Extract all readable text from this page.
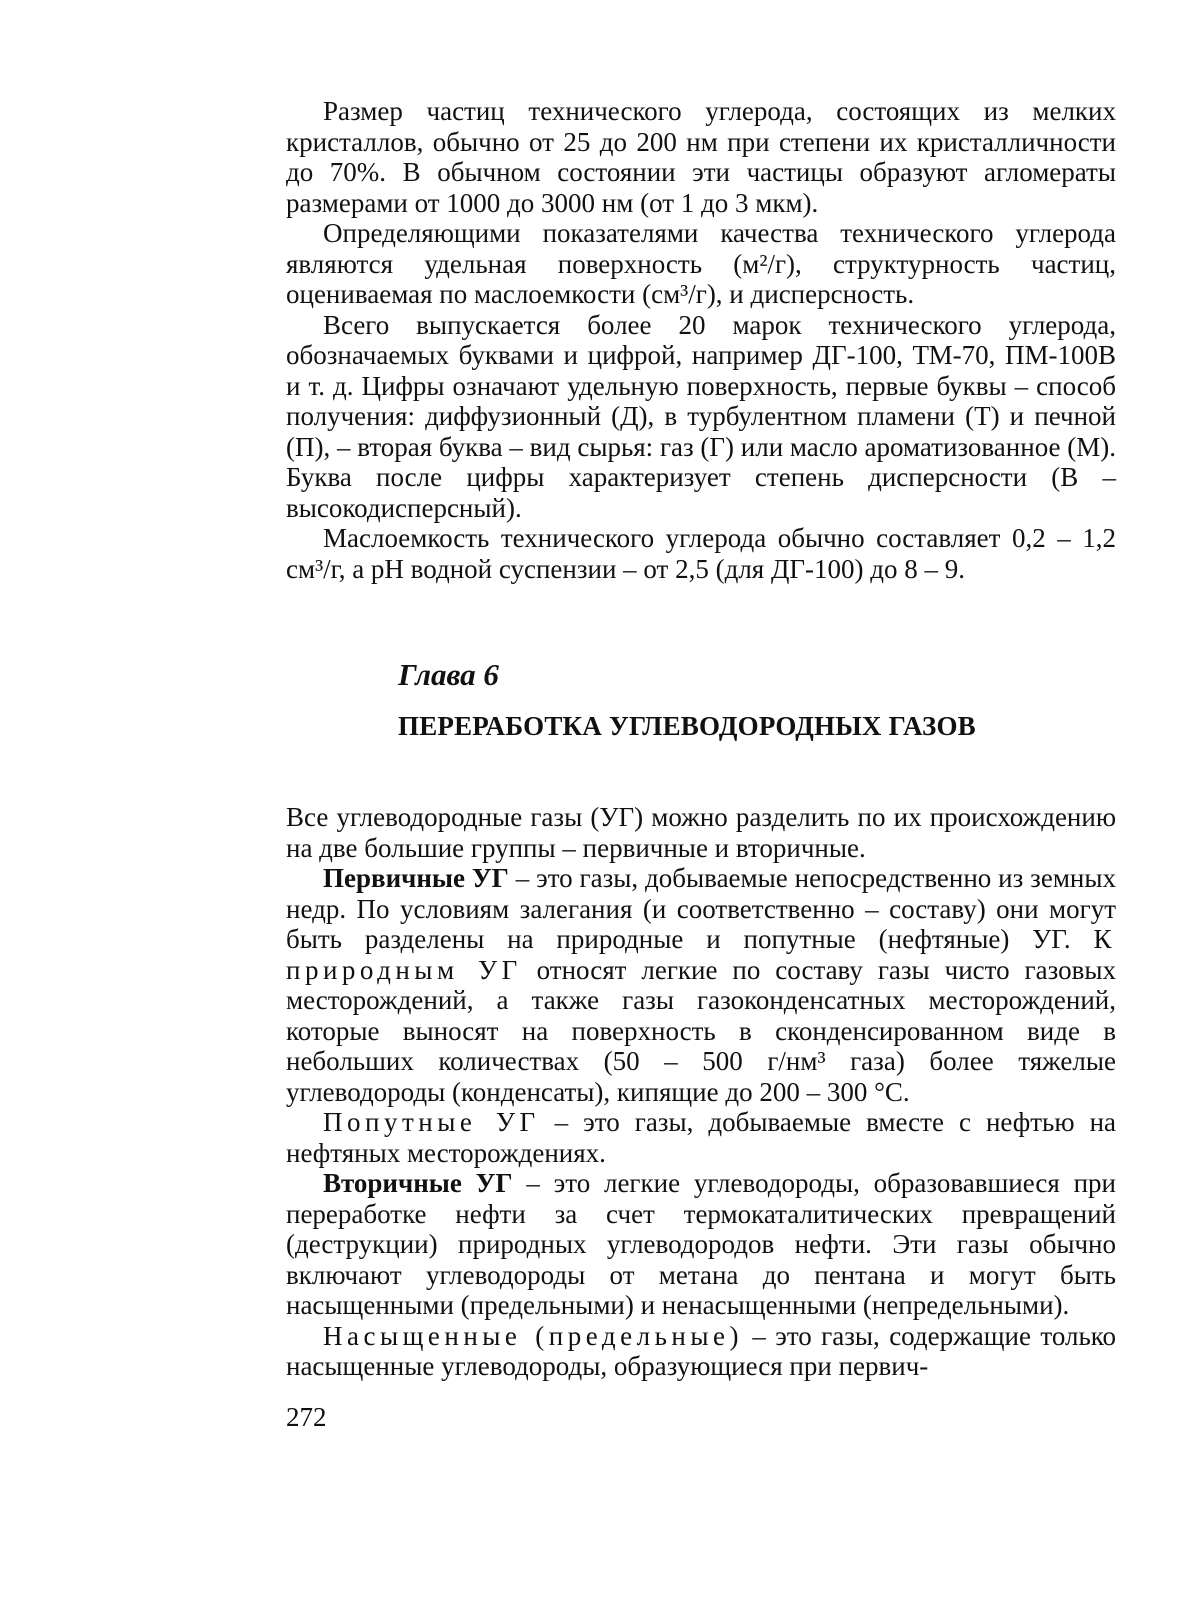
Размер частиц технического углерода, состоящих из мелких кристаллов, обычно от 25 до 200 нм при степени их кристалличности до 70%. В обычном состоянии эти частицы образуют агломераты размерами от 1000 до 3000 нм (от 1 до 3 мкм).

Определяющими показателями качества технического углерода являются удельная поверхность (м²/г), структурность частиц, оцениваемая по маслоемкости (см³/г), и дисперсность.

Всего выпускается более 20 марок технического углерода, обозначаемых буквами и цифрой, например ДГ-100, ТМ-70, ПМ-100В и т. д. Цифры означают удельную поверхность, первые буквы – способ получения: диффузионный (Д), в турбулентном пламени (Т) и печной (П), – вторая буква – вид сырья: газ (Г) или масло ароматизованное (М). Буква после цифры характеризует степень дисперсности (В – высокодисперсный).

Маслоемкость технического углерода обычно составляет 0,2 – 1,2 см³/г, а pH водной суспензии – от 2,5 (для ДГ-100) до 8 – 9.

Глава 6
ПЕРЕРАБОТКА УГЛЕВОДОРОДНЫХ ГАЗОВ

Все углеводородные газы (УГ) можно разделить по их происхождению на две большие группы – первичные и вторичные.

Первичные УГ – это газы, добываемые непосредственно из земных недр. По условиям залегания (и соответственно – составу) они могут быть разделены на природные и попутные (нефтяные) УГ. К природным УГ относят легкие по составу газы чисто газовых месторождений, а также газы газоконденсатных месторождений, которые выносят на поверхность в сконденсированном виде в небольших количествах (50 – 500 г/нм³ газа) более тяжелые углеводороды (конденсаты), кипящие до 200 – 300 °С.

Попутные УГ – это газы, добываемые вместе с нефтью на нефтяных месторождениях.

Вторичные УГ – это легкие углеводороды, образовавшиеся при переработке нефти за счет термокаталитических превращений (деструкции) природных углеводородов нефти. Эти газы обычно включают углеводороды от метана до пентана и могут быть насыщенными (предельными) и ненасыщенными (непредельными).

Насыщенные (предельные) – это газы, содержащие только насыщенные углеводороды, образующиеся при первич-

272
